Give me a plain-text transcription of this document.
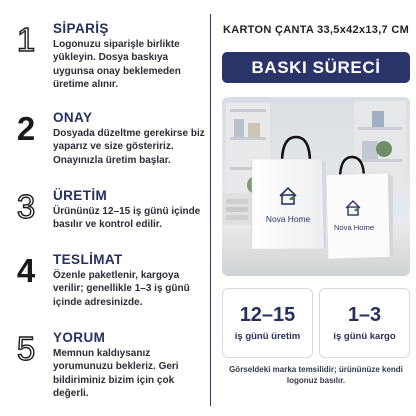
1 SİPARİŞ
Logonuzu siparişle birlikte yükleyin. Dosya baskıya uygunsa onay beklemeden üretime alınır.
2 ONAY
Dosyada düzeltme gerekirse biz yaparız ve size gösteririz. Onayınızla üretim başlar.
3 ÜRETİM
Ürününüz 12–15 iş günü içinde basılır ve kontrol edilir.
4 TESLİMAT
Özenle paketlenir, kargoya verilir; genellikle 1–3 iş günü içinde adresinizde.
5 YORUM
Memnun kaldıysanız yorumunuzu bekleriz. Geri bildiriminiz bizim için çok değerli.
KARTON ÇANTA 33,5x42x13,7 CM
BASKI SÜRECİ
Nova Home
Nova Home
12–15
iş günü üretim
1–3
iş günü kargo
Görseldeki marka temsilidir; ürününüze kendi logonuz basılır.
